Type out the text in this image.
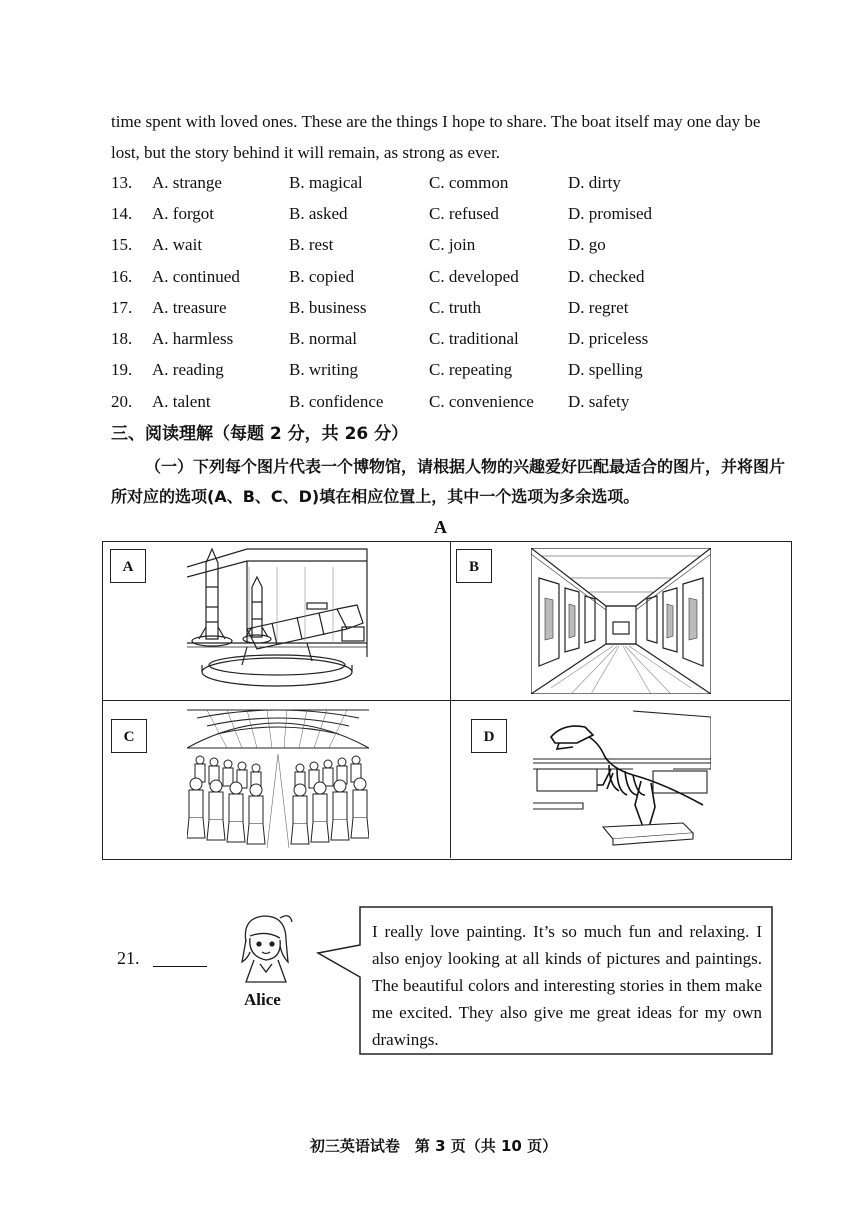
time spent with loved ones. These are the things I hope to share. The boat itself may one day be lost, but the story behind it will remain, as strong as ever.

13. A. strange	B. magical	C. common	D. dirty
14. A. forgot	B. asked	C. refused	D. promised
15. A. wait	B. rest	C. join	D. go
16. A. continued	B. copied	C. developed	D. checked
17. A. treasure	B. business	C. truth	D. regret
18. A. harmless	B. normal	C. traditional	D. priceless
19. A. reading	B. writing	C. repeating	D. spelling
20. A. talent	B. confidence	C. convenience D. safety
三、阅读理解（每题 2 分，共 26 分）

（一）下列每个图片代表一个博物馆，请根据人物的兴趣爱好匹配最适合的图片，并将图片所对应的选项(A、B、C、D)填在相应位置上，其中一个选项为多余选项。

A
A	B
C	D
21.
Alice

I really love painting. It’s so much fun and relaxing. I also enjoy looking at all kinds of pictures and paintings. The beautiful colors and interesting stories in them make me excited. They also give me great ideas for my own drawings.

初三英语试卷　第 3 页（共 10 页）
